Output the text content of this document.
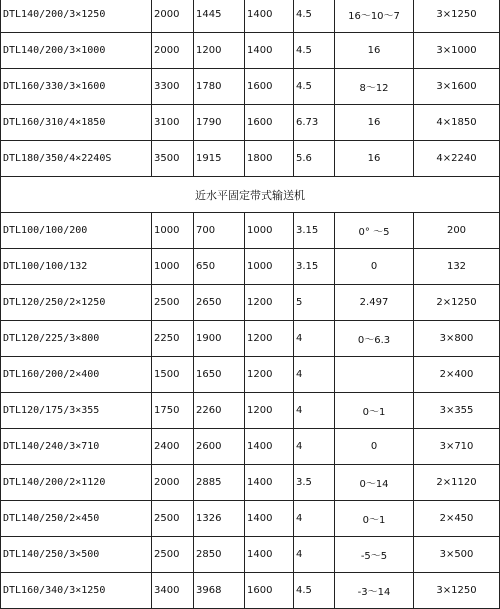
DTL140/200/3×1250	2000	1445	1400	4.5	16～10～7	3×1250
DTL140/200/3×1000	2000	1200	1400	4.5	16	3×1000
DTL160/330/3×1600	3300	1780	1600	4.5	8～12	3×1600
DTL160/310/4×1850	3100	1790	1600	6.73	16	4×1850
DTL180/350/4×2240S	3500	1915	1800	5.6	16	4×2240
近水平固定带式输送机						
DTL100/100/200	1000	700	1000	3.15	0° ～5	200
DTL100/100/132	1000	650	1000	3.15	0	132
DTL120/250/2×1250	2500	2650	1200	5	2.497	2×1250
DTL120/225/3×800	2250	1900	1200	4	0～6.3	3×800
DTL160/200/2×400	1500	1650	1200	4		2×400
DTL120/175/3×355	1750	2260	1200	4	0～1	3×355
DTL140/240/3×710	2400	2600	1400	4	0	3×710
DTL140/200/2×1120	2000	2885	1400	3.5	0～14	2×1120
DTL140/250/2×450	2500	1326	1400	4	0～1	2×450
DTL140/250/3×500	2500	2850	1400	4	-5～5	3×500
DTL160/340/3×1250	3400	3968	1600	4.5	-3～14	3×1250
